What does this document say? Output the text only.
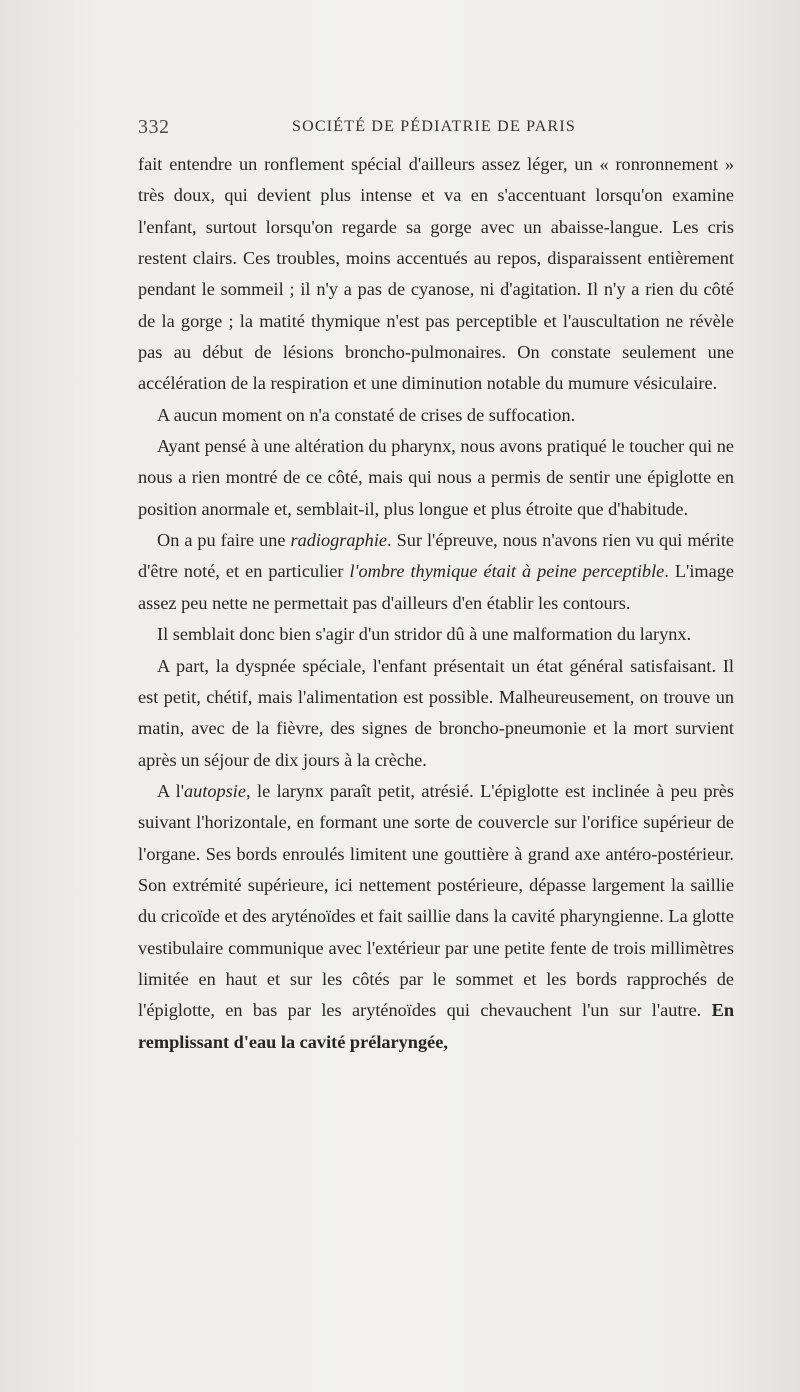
332	SOCIÉTÉ DE PÉDIATRIE DE PARIS

fait entendre un ronflement spécial d'ailleurs assez léger, un « ronronnement » très doux, qui devient plus intense et va en s'accentuant lorsqu'on examine l'enfant, surtout lorsqu'on regarde sa gorge avec un abaisse-langue. Les cris restent clairs. Ces troubles, moins accentués au repos, disparaissent entièrement pendant le sommeil ; il n'y a pas de cyanose, ni d'agitation. Il n'y a rien du côté de la gorge ; la matité thymique n'est pas perceptible et l'auscultation ne révèle pas au début de lésions broncho-pulmonaires. On constate seulement une accélération de la respiration et une diminution notable du mumure vésiculaire.

A aucun moment on n'a constaté de crises de suffocation.

Ayant pensé à une altération du pharynx, nous avons pratiqué le toucher qui ne nous a rien montré de ce côté, mais qui nous a permis de sentir une épiglotte en position anormale et, semblait-il, plus longue et plus étroite que d'habitude.

On a pu faire une radiographie. Sur l'épreuve, nous n'avons rien vu qui mérite d'être noté, et en particulier l'ombre thymique était à peine perceptible. L'image assez peu nette ne permettait pas d'ailleurs d'en établir les contours.

Il semblait donc bien s'agir d'un stridor dû à une malformation du larynx.

A part, la dyspnée spéciale, l'enfant présentait un état général satisfaisant. Il est petit, chétif, mais l'alimentation est possible. Malheureusement, on trouve un matin, avec de la fièvre, des signes de broncho-pneumonie et la mort survient après un séjour de dix jours à la crèche.

A l'autopsie, le larynx paraît petit, atrésié. L'épiglotte est inclinée à peu près suivant l'horizontale, en formant une sorte de couvercle sur l'orifice supérieur de l'organe. Ses bords enroulés limitent une gouttière à grand axe antéro-postérieur. Son extrémité supérieure, ici nettement postérieure, dépasse largement la saillie du cricoïde et des aryténoïdes et fait saillie dans la cavité pharyngienne. La glotte vestibulaire communique avec l'extérieur par une petite fente de trois millimètres limitée en haut et sur les côtés par le sommet et les bords rapprochés de l'épiglotte, en bas par les aryténoïdes qui chevauchent l'un sur l'autre. En remplissant d'eau la cavité prélaryngée,
